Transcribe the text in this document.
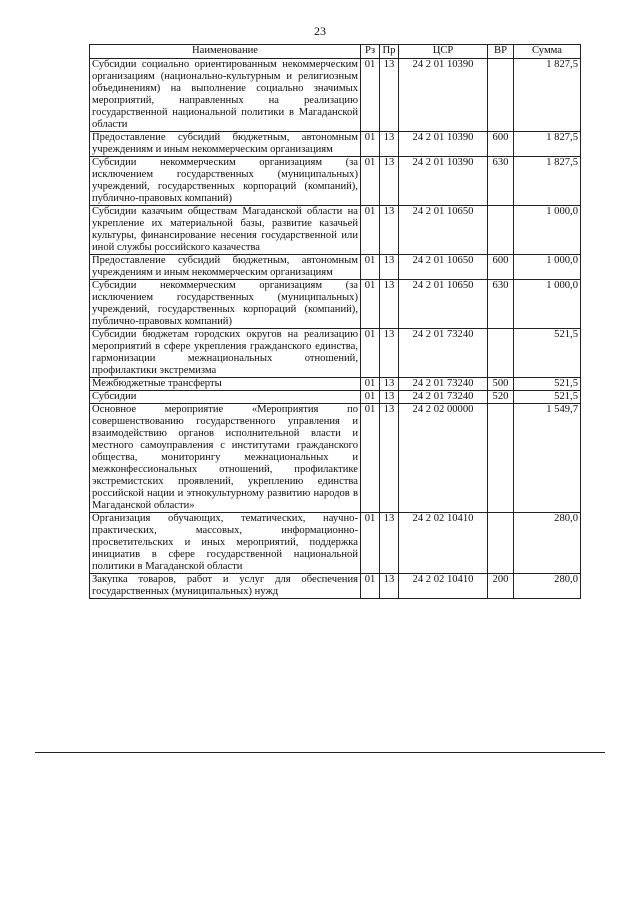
23
Наименование	Рз	Пр	ЦСР	ВР	Сумма
Субсидии социально ориентированным некоммерческим организациям (национально-культурным и религиозным объединениям) на выполнение социально значимых мероприятий, направленных на реализацию государственной национальной политики в Магаданской области	01	13	24 2 01 10390		1 827,5
Предоставление субсидий бюджетным, автономным учреждениям и иным некоммерческим организациям	01	13	24 2 01 10390	600	1 827,5
Субсидии некоммерческим организациям (за исключением государственных (муниципальных) учреждений, государственных корпораций (компаний), публично-правовых компаний)	01	13	24 2 01 10390	630	1 827,5
Субсидии казачьим обществам Магаданской области на укрепление их материальной базы, развитие казачьей культуры, финансирование несения государственной или иной службы российского казачества	01	13	24 2 01 10650		1 000,0
Предоставление субсидий бюджетным, автономным учреждениям и иным некоммерческим организациям	01	13	24 2 01 10650	600	1 000,0
Субсидии некоммерческим организациям (за исключением государственных (муниципальных) учреждений, государственных корпораций (компаний), публично-правовых компаний)	01	13	24 2 01 10650	630	1 000,0
Субсидии бюджетам городских округов на реализацию мероприятий в сфере укрепления гражданского единства, гармонизации межнациональных отношений, профилактики экстремизма	01	13	24 2 01 73240		521,5
Межбюджетные трансферты	01	13	24 2 01 73240	500	521,5
Субсидии	01	13	24 2 01 73240	520	521,5
Основное мероприятие «Мероприятия по совершенствованию государственного управления и взаимодействию органов исполнительной власти и местного самоуправления с институтами гражданского общества, мониторингу межнациональных и межконфессиональных отношений, профилактике экстремистских проявлений, укреплению единства российской нации и этнокультурному развитию народов в Магаданской области»	01	13	24 2 02 00000		1 549,7
Организация обучающих, тематических, научно-практических, массовых, информационно-просветительских и иных мероприятий, поддержка инициатив в сфере государственной национальной политики в Магаданской области	01	13	24 2 02 10410		280,0
Закупка товаров, работ и услуг для обеспечения государственных (муниципальных) нужд	01	13	24 2 02 10410	200	280,0
